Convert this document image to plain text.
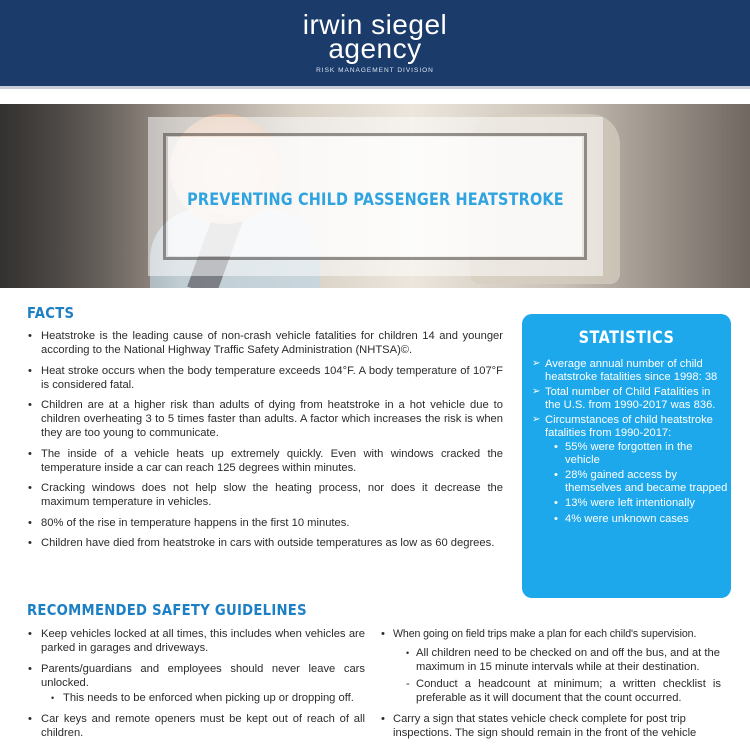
irwin siegel
agency
RISK MANAGEMENT DIVISION
PREVENTING CHILD PASSENGER HEATSTROKE
FACTS
• Heatstroke is the leading cause of non-crash vehicle fatalities for children 14 and younger according to the National Highway Traffic Safety Administration (NHTSA)©.
• Heat stroke occurs when the body temperature exceeds 104°F. A body temperature of 107°F is considered fatal.
• Children are at a higher risk than adults of dying from heatstroke in a hot vehicle due to children overheating 3 to 5 times faster than adults. A factor which increases the risk is when they are too young to communicate.
• The inside of a vehicle heats up extremely quickly. Even with windows cracked the temperature inside a car can reach 125 degrees within minutes.
• Cracking windows does not help slow the heating process, nor does it decrease the maximum temperature in vehicles.
• 80% of the rise in temperature happens in the first 10 minutes.
• Children have died from heatstroke in cars with outside temperatures as low as 60 degrees.
STATISTICS
➢ Average annual number of child heatstroke fatalities since 1998: 38
➢ Total number of Child Fatalities in the U.S. from 1990-2017 was 836.
➢ Circumstances of child heatstroke fatalities from 1990-2017:
• 55% were forgotten in the vehicle
• 28% gained access by themselves and became trapped
• 13% were left intentionally
• 4% were unknown cases
RECOMMENDED SAFETY GUIDELINES
• Keep vehicles locked at all times, this includes when vehicles are parked in garages and driveways.
• Parents/guardians and employees should never leave cars unlocked.
• This needs to be enforced when picking up or dropping off.
• Car keys and remote openers must be kept out of reach of all children.
• When going on field trips make a plan for each child's supervision.
• All children need to be checked on and off the bus, and at the maximum in 15 minute intervals while at their destination.
- Conduct a headcount at minimum; a written checklist is preferable as it will document that the count occurred.
• Carry a sign that states vehicle check complete for post trip inspections. The sign should remain in the front of the vehicle
